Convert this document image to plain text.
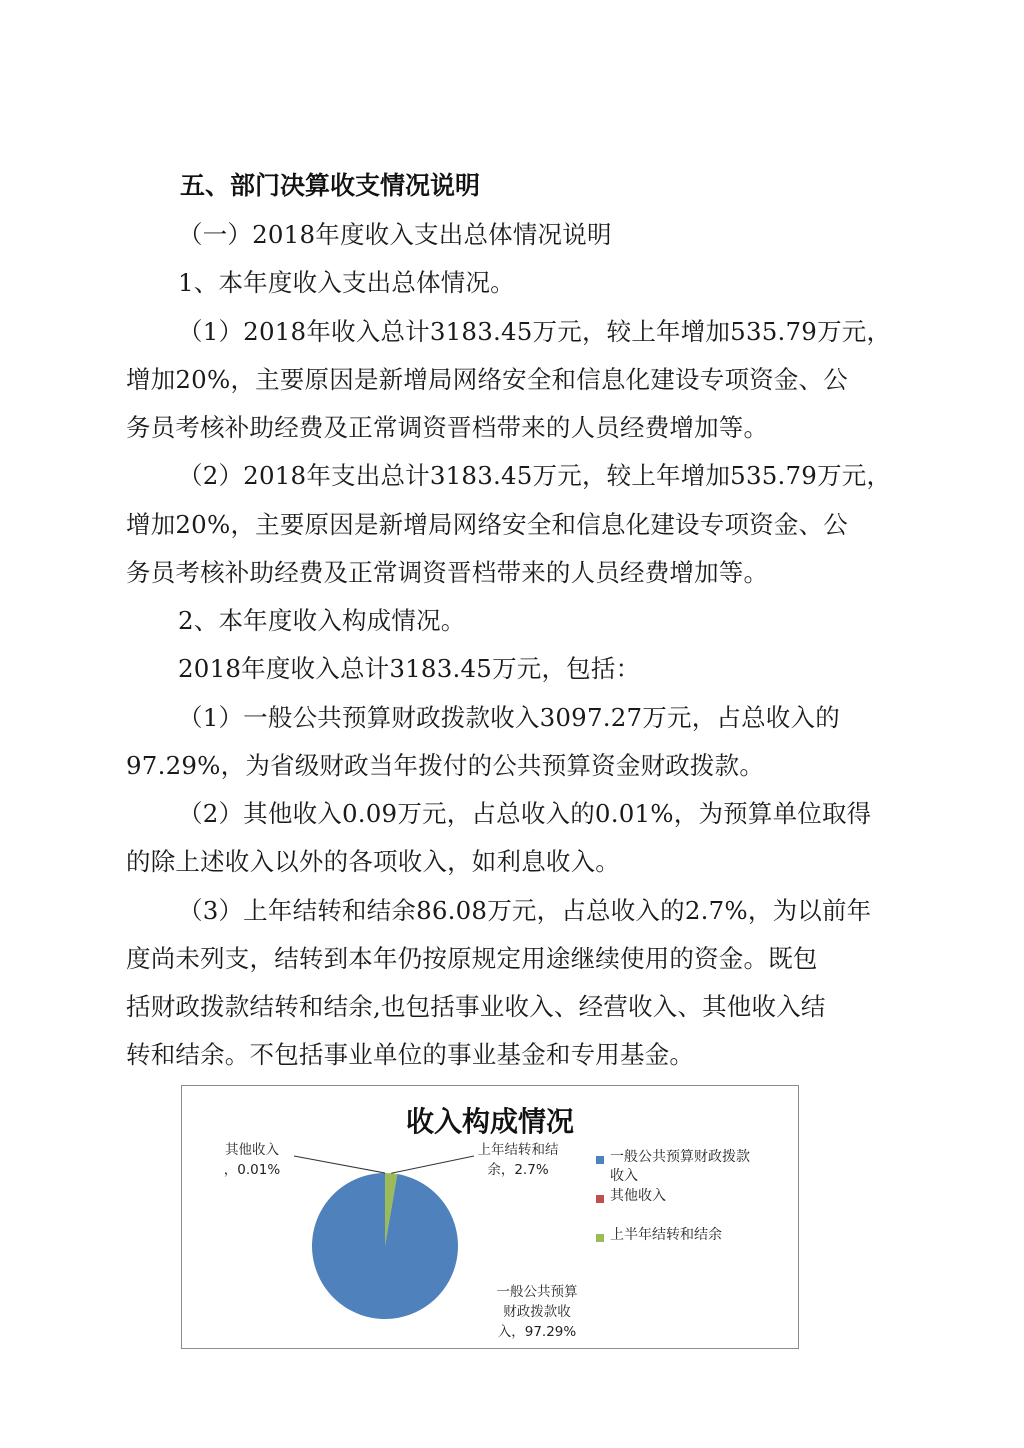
五、部门决算收支情况说明

（一）2018年度收入支出总体情况说明

1、本年度收入支出总体情况。

（1）2018年收入总计3183.45万元，较上年增加535.79万元，

增加20%，主要原因是新增局网络安全和信息化建设专项资金、公

务员考核补助经费及正常调资晋档带来的人员经费增加等。

（2）2018年支出总计3183.45万元，较上年增加535.79万元，

增加20%，主要原因是新增局网络安全和信息化建设专项资金、公

务员考核补助经费及正常调资晋档带来的人员经费增加等。

2、本年度收入构成情况。

2018年度收入总计3183.45万元，包括：

（1）一般公共预算财政拨款收入3097.27万元，占总收入的

97.29%，为省级财政当年拨付的公共预算资金财政拨款。

（2）其他收入0.09万元，占总收入的0.01%，为预算单位取得

的除上述收入以外的各项收入，如利息收入。

（3）上年结转和结余86.08万元，占总收入的2.7%，为以前年

度尚未列支，结转到本年仍按原规定用途继续使用的资金。既包

括财政拨款结转和结余,也包括事业收入、经营收入、其他收入结

转和结余。不包括事业单位的事业基金和专用基金。

收入构成情况
其他收入
，0.01%
上年结转和结
余，2.7%
一般公共预算
财政拨款收
入，97.29%
一般公共预算财政拨款
收入
其他收入
上半年结转和结余
